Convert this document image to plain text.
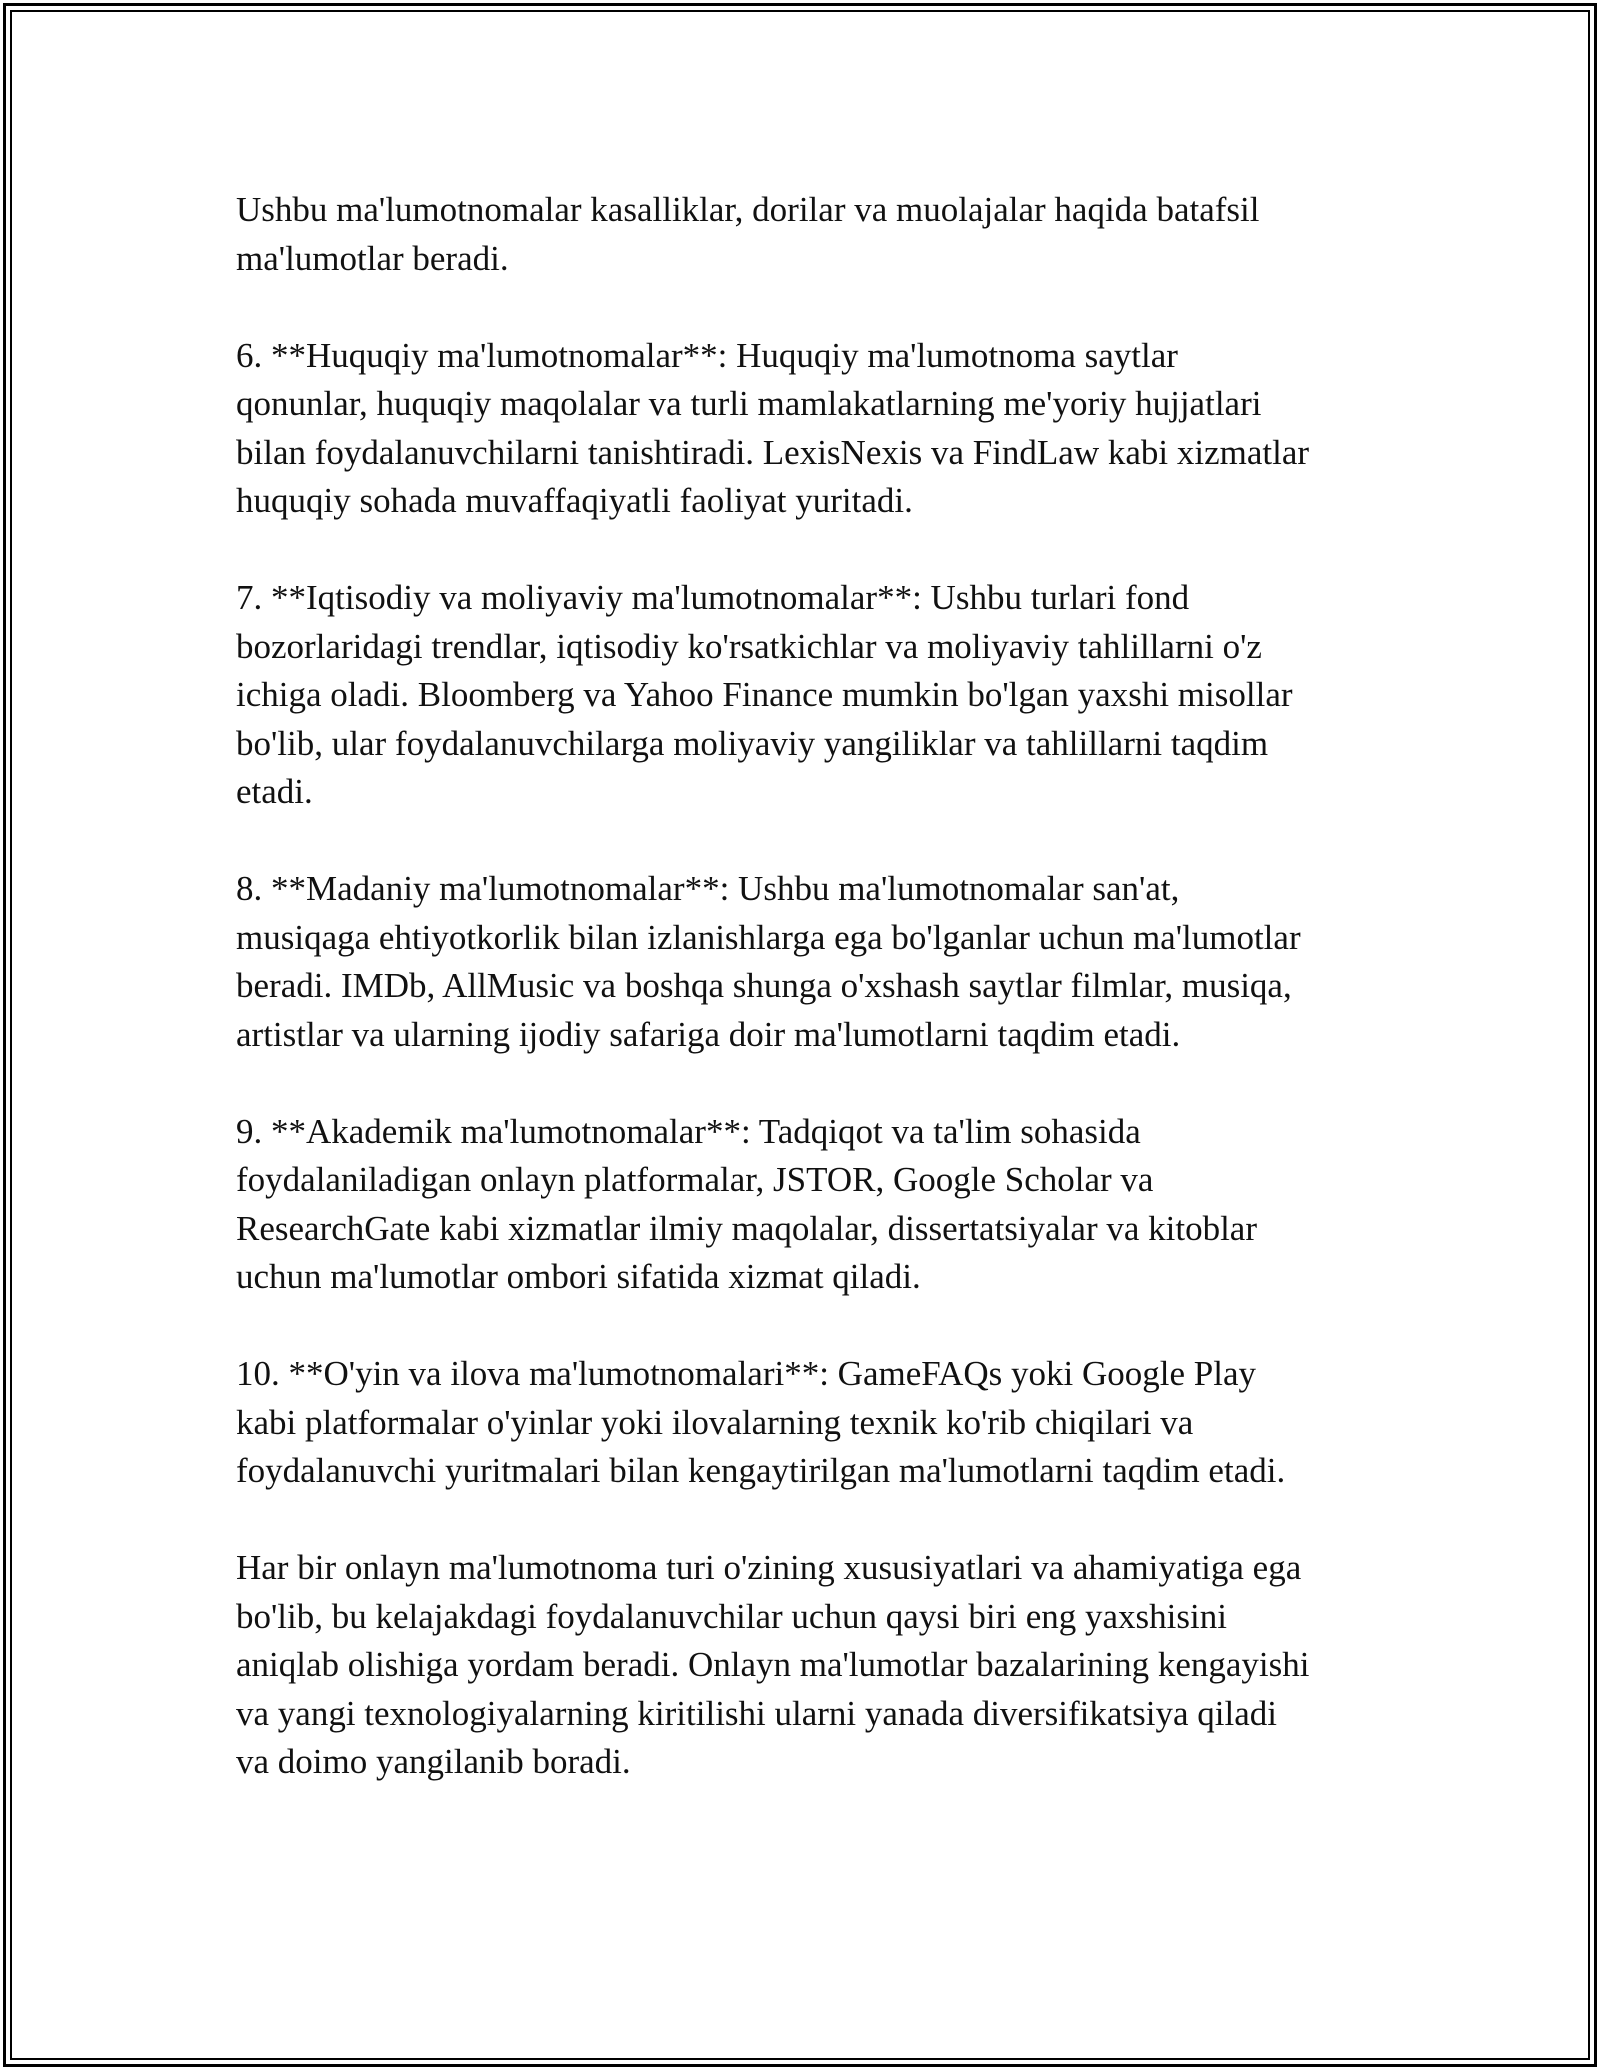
Ushbu ma'lumotnomalar kasalliklar, dorilar va muolajalar haqida batafsil
ma'lumotlar beradi.

6. **Huquqiy ma'lumotnomalar**: Huquqiy ma'lumotnoma saytlar
qonunlar, huquqiy maqolalar va turli mamlakatlarning me'yoriy hujjatlari
bilan foydalanuvchilarni tanishtiradi. LexisNexis va FindLaw kabi xizmatlar
huquqiy sohada muvaffaqiyatli faoliyat yuritadi.

7. **Iqtisodiy va moliyaviy ma'lumotnomalar**: Ushbu turlari fond
bozorlaridagi trendlar, iqtisodiy ko'rsatkichlar va moliyaviy tahlillarni o'z
ichiga oladi. Bloomberg va Yahoo Finance mumkin bo'lgan yaxshi misollar
bo'lib, ular foydalanuvchilarga moliyaviy yangiliklar va tahlillarni taqdim
etadi.

8. **Madaniy ma'lumotnomalar**: Ushbu ma'lumotnomalar san'at,
musiqaga ehtiyotkorlik bilan izlanishlarga ega bo'lganlar uchun ma'lumotlar
beradi. IMDb, AllMusic va boshqa shunga o'xshash saytlar filmlar, musiqa,
artistlar va ularning ijodiy safariga doir ma'lumotlarni taqdim etadi.

9. **Akademik ma'lumotnomalar**: Tadqiqot va ta'lim sohasida
foydalaniladigan onlayn platformalar, JSTOR, Google Scholar va
ResearchGate kabi xizmatlar ilmiy maqolalar, dissertatsiyalar va kitoblar
uchun ma'lumotlar ombori sifatida xizmat qiladi.

10. **O'yin va ilova ma'lumotnomalari**: GameFAQs yoki Google Play
kabi platformalar o'yinlar yoki ilovalarning texnik ko'rib chiqilari va
foydalanuvchi yuritmalari bilan kengaytirilgan ma'lumotlarni taqdim etadi.

Har bir onlayn ma'lumotnoma turi o'zining xususiyatlari va ahamiyatiga ega
bo'lib, bu kelajakdagi foydalanuvchilar uchun qaysi biri eng yaxshisini
aniqlab olishiga yordam beradi. Onlayn ma'lumotlar bazalarining kengayishi
va yangi texnologiyalarning kiritilishi ularni yanada diversifikatsiya qiladi
va doimo yangilanib boradi.
